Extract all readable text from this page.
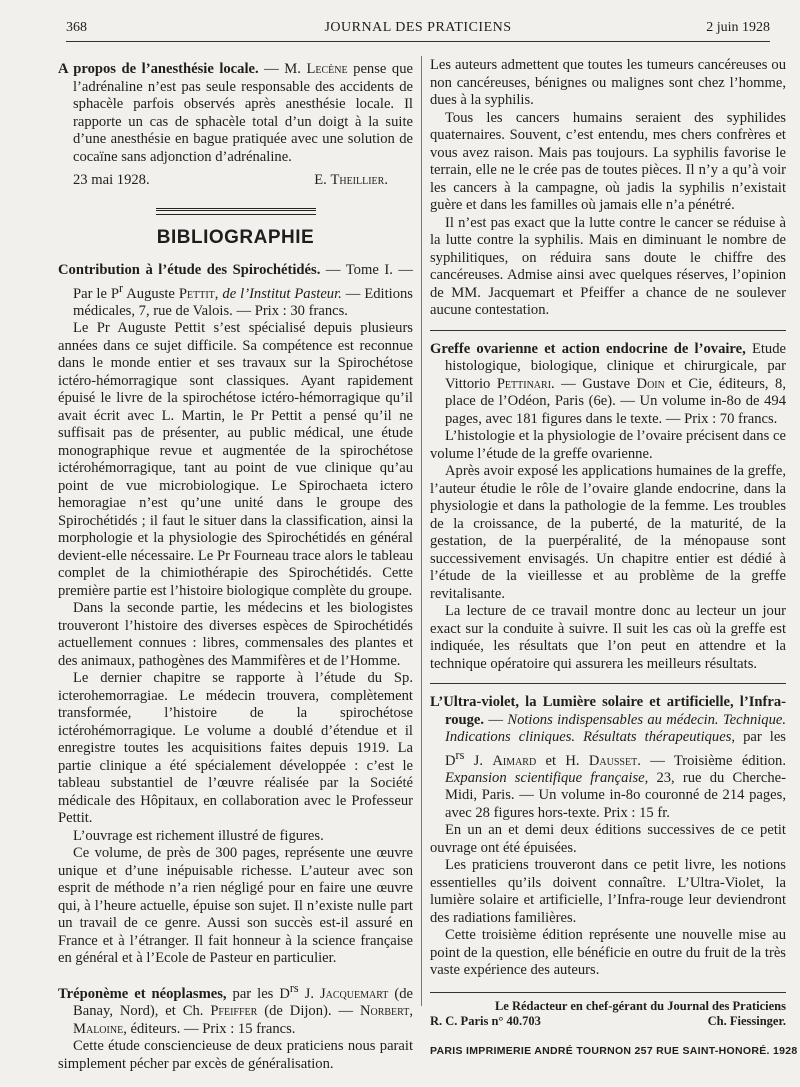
368	JOURNAL DES PRATICIENS	2 juin 1928
A propos de l’anesthésie locale. — M. Lecène pense que l’adrénaline n’est pas seule responsable des accidents de sphacèle parfois observés après anesthésie locale. Il rapporte un cas de sphacèle total d’un doigt à la suite d’une anesthésie en bague pratiquée avec une solution de cocaïne sans adjonction d’adrénaline.
23 mai 1928.	E. Theillier.
BIBLIOGRAPHIE
Contribution à l’étude des Spirochétidés. — Tome I. — Par le $P^r$ Auguste Pettit, de l’Institut Pasteur. — Editions médicales, 7, rue de Valois. — Prix : 30 francs.

Le Pr Auguste Pettit s’est spécialisé depuis plusieurs années dans ce sujet difficile. Sa compétence est reconnue dans le monde entier et ses travaux sur la Spirochétose ictéro-hémorragique sont classiques. Ayant rapidement épuisé le livre de la spirochétose ictéro-hémorragique qu’il avait écrit avec L. Martin, le Pr Pettit a pensé qu’il ne suffisait pas de présenter, au public médical, une étude monographique revue et augmentée de la spirochétose ictérohémorragique, tant au point de vue clinique qu’au point de vue microbiologique. Le Spirochaeta ictero hemoragiae n’est qu’une unité dans le groupe des Spirochétidés ; il faut le situer dans la classification, ainsi la morphologie et la physiologie des Spirochétidés en général devient-elle nécessaire. Le Pr Fourneau trace alors le tableau complet de la chimiothérapie des Spirochétidés. Cette première partie est l’histoire biologique complète du groupe.

Dans la seconde partie, les médecins et les biologistes trouveront l’histoire des diverses espèces de Spirochétidés actuellement connues : libres, commensales des plantes et des animaux, pathogènes des Mammifères et de l’Homme.

Le dernier chapitre se rapporte à l’étude du Sp. icterohemorragiae. Le médecin trouvera, complètement transformée, l’histoire de la spirochétose ictérohémorragique. Le volume a doublé d’étendue et il enregistre toutes les acquisitions faites depuis 1919. La partie clinique a été spécialement développée : c’est le tableau substantiel de l’œuvre réalisée par la Société médicale des Hôpitaux, en collaboration avec le Professeur Pettit.

L’ouvrage est richement illustré de figures.

Ce volume, de près de 300 pages, représente une œuvre unique et d’une inépuisable richesse. L’auteur avec son esprit de méthode n’a rien négligé pour en faire une œuvre qui, à l’heure actuelle, épuise son sujet. Il n’existe nulle part un travail de ce genre. Aussi son succès est-il assuré en France et à l’étranger. Il fait honneur à la science française en général et à l’Ecole de Pasteur en particulier.

Tréponème et néoplasmes, par les $D^{rs}$ J. Jacquemart (de Banay, Nord), et Ch. Pfeiffer (de Dijon). — Norbert, Maloine, éditeurs. — Prix : 15 francs.

Cette étude consciencieuse de deux praticiens nous parait simplement pécher par excès de généralisation.

Les auteurs admettent que toutes les tumeurs cancéreuses ou non cancéreuses, bénignes ou malignes sont chez l’homme, dues à la syphilis.

Tous les cancers humains seraient des syphilides quaternaires. Souvent, c’est entendu, mes chers confrères et vous avez raison. Mais pas toujours. La syphilis favorise le terrain, elle ne le crée pas de toutes pièces. Il n’y a qu’à voir les cancers à la campagne, où jadis la syphilis n’existait guère et dans les familles où jamais elle n’a pénétré.

Il n’est pas exact que la lutte contre le cancer se réduise à la lutte contre la syphilis. Mais en diminuant le nombre de syphilitiques, on réduira sans doute le chiffre des cancéreuses. Admise ainsi avec quelques réserves, l’opinion de MM. Jacquemart et Pfeiffer a chance de ne soulever aucune contestation.

Greffe ovarienne et action endocrine de l’ovaire, Etude histologique, biologique, clinique et chirurgicale, par Vittorio Pettinari. — Gustave Doin et Cie, éditeurs, 8, place de l’Odéon, Paris (6e). — Un volume in-8o de 494 pages, avec 181 figures dans le texte. — Prix : 70 francs.

L’histologie et la physiologie de l’ovaire précisent dans ce volume l’étude de la greffe ovarienne.

Après avoir exposé les applications humaines de la greffe, l’auteur étudie le rôle de l’ovaire glande endocrine, dans la physiologie et dans la pathologie de la femme. Les troubles de la croissance, de la puberté, de la maturité, de la gestation, de la puerpéralité, de la ménopause sont successivement envisagés. Un chapitre entier est dédié à l’étude de la vieillesse et au problème de la greffe revitalisante.

La lecture de ce travail montre donc au lecteur un jour exact sur la conduite à suivre. Il suit les cas où la greffe est indiquée, les résultats que l’on peut en attendre et la technique opératoire qui assurera les meilleurs résultats.

L’Ultra-violet, la Lumière solaire et artificielle, l’Infra-rouge. — Notions indispensables au médecin. Technique. Indications cliniques. Résultats thérapeutiques, par les $D^{rs}$ J. Aimard et H. Dausset. — Troisième édition. Expansion scientifique française, 23, rue du Cherche-Midi, Paris. — Un volume in-8o couronné de 214 pages, avec 28 figures hors-texte. Prix : 15 fr.

En un an et demi deux éditions successives de ce petit ouvrage ont été épuisées.

Les praticiens trouveront dans ce petit livre, les notions essentielles qu’ils doivent connaître. L’Ultra-Violet, la lumière solaire et artificielle, l’Infra-rouge leur deviendront des radiations familières.

Cette troisième édition représente une nouvelle mise au point de la question, elle bénéficie en outre du fruit de la très vaste expérience des auteurs.

Le Rédacteur en chef-gérant du Journal des Praticiens
R. C. Paris n° 40.703	Ch. Fiessinger.
PARIS IMPRIMERIE ANDRÉ TOURNON 257 RUE SAINT-HONORÉ. 1928
